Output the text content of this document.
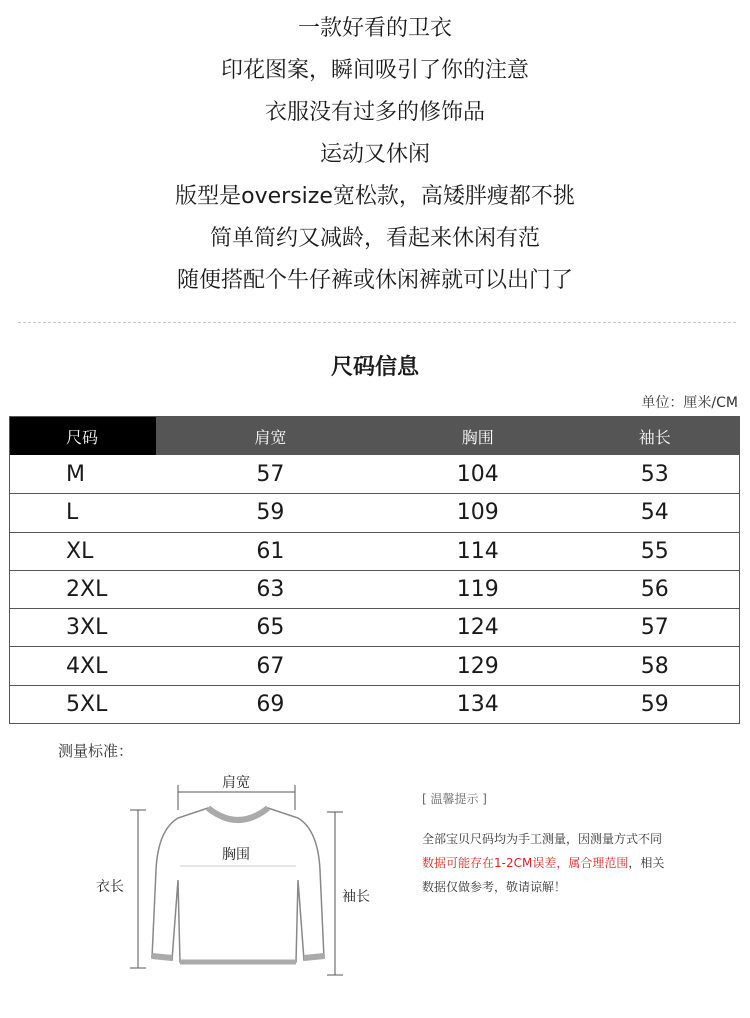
一款好看的卫衣
印花图案，瞬间吸引了你的注意
衣服没有过多的修饰品
运动又休闲
版型是oversize宽松款，高矮胖瘦都不挑
简单简约又减龄，看起来休闲有范
随便搭配个牛仔裤或休闲裤就可以出门了
尺码信息
单位：厘米/CM
尺码	肩宽	胸围	袖长
M	57	104	53
L	59	109	54
XL	61	114	55
2XL	63	119	56
3XL	65	124	57
4XL	67	129	58
5XL	69	134	59
测量标准：
肩宽
胸围
衣长
袖长
[ 温馨提示 ]

全部宝贝尺码均为手工测量，因测量方式不同

数据可能存在1-2CM误差，属合理范围，相关

数据仅做参考，敬请谅解！
